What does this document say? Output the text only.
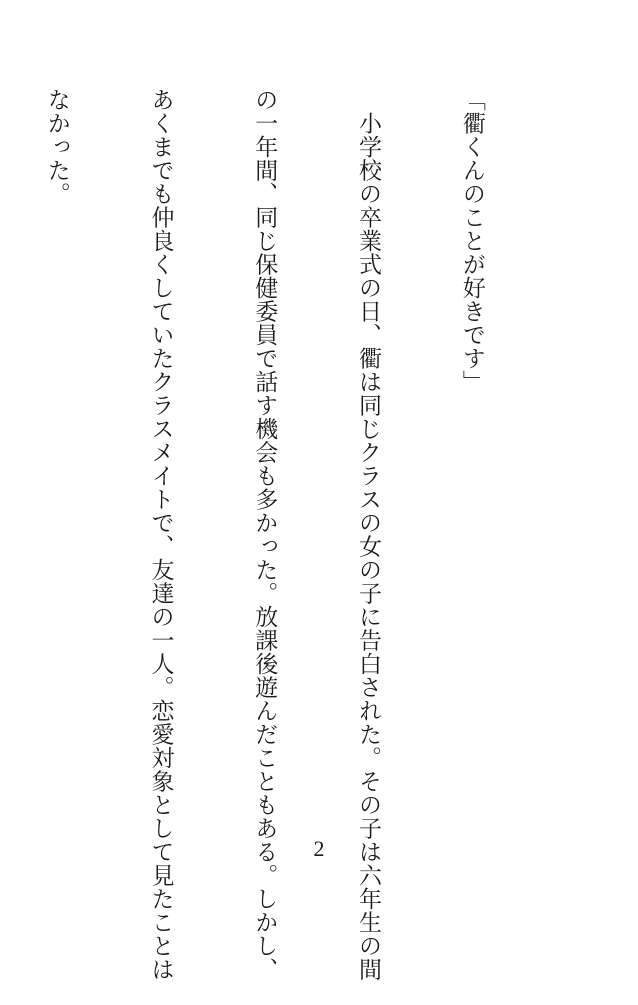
「衢くんのことが好きです」

　小学校の卒業式の日、衢は同じクラスの女の子に告白された。その子は六年生の間

の一年間、同じ保健委員で話す機会も多かった。放課後遊んだこともある。しかし、

あくまでも仲良くしていたクラスメイトで、友達の一人。恋愛対象として見たことは

なかった。

2
